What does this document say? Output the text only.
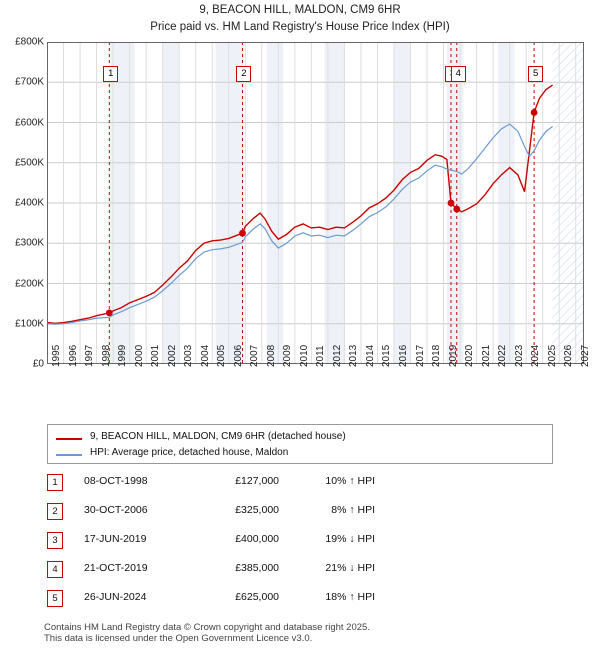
9, BEACON HILL, MALDON, CM9 6HR
Price paid vs. HM Land Registry's House Price Index (HPI)
£0
£100K
£200K
£300K
£400K
£500K
£600K
£700K
£800K
1995 1996 1997 1998 1999 2000 2001 2002 2003 2004 2005 2006 2007 2008 2009 2010 2011 2012 2013 2014 2015 2016 2017 2018 2019 2020 2021 2022 2023 2024 2025 2026 2027
9, BEACON HILL, MALDON, CM9 6HR (detached house)
HPI: Average price, detached house, Maldon
Contains HM Land Registry data © Crown copyright and database right 2025.
This data is licensed under the Open Government Licence v3.0.
1	2	4	5
1	08-OCT-1998	£127,000	10% ↑ HPI
2	30-OCT-2006	£325,000	8% ↑ HPI
3	17-JUN-2019	£400,000	19% ↓ HPI
4	21-OCT-2019	£385,000	21% ↓ HPI
5	26-JUN-2024	£625,000	18% ↑ HPI
